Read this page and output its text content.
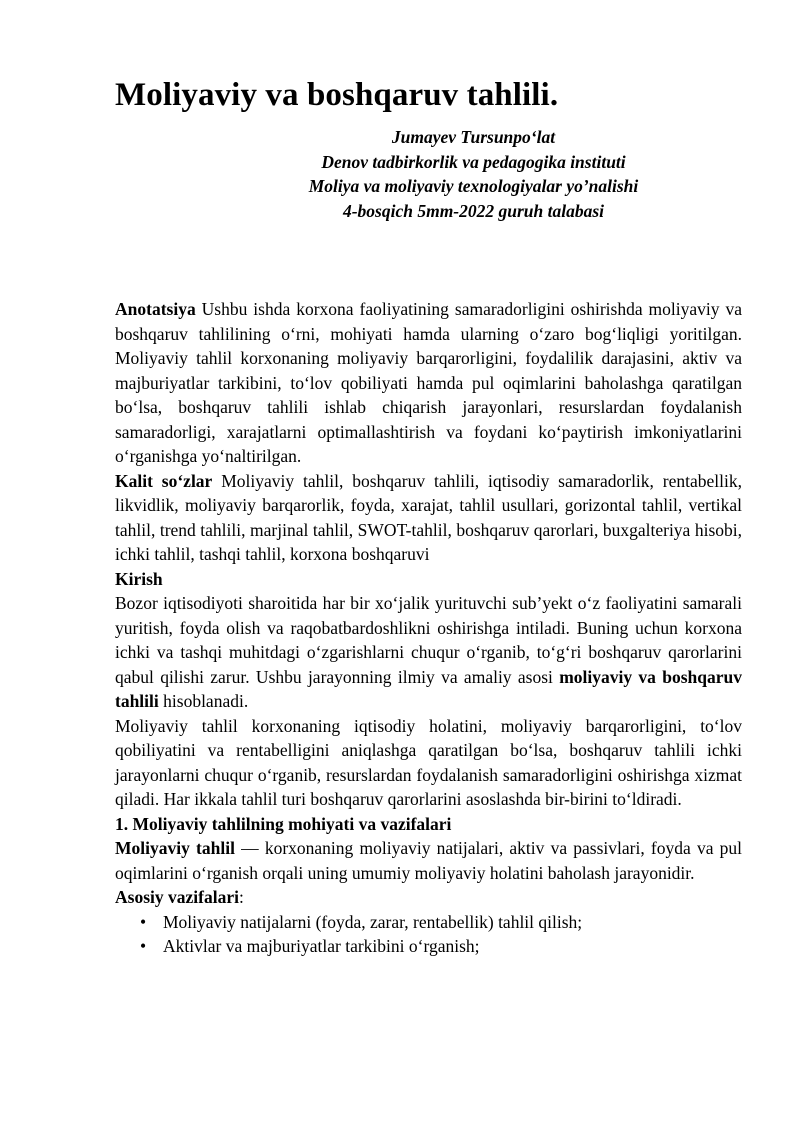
Moliyaviy va boshqaruv tahlili.
Jumayev Tursunpo‘lat
Denov tadbirkorlik va pedagogika instituti
Moliya va moliyaviy texnologiyalar yo’nalishi
4-bosqich 5mm-2022 guruh talabasi

Anotatsiya Ushbu ishda korxona faoliyatining samaradorligini oshirishda moliyaviy va boshqaruv tahlilining o‘rni, mohiyati hamda ularning o‘zaro bog‘liqligi yoritilgan. Moliyaviy tahlil korxonaning moliyaviy barqarorligini, foydalilik darajasini, aktiv va majburiyatlar tarkibini, to‘lov qobiliyati hamda pul oqimlarini baholashga qaratilgan bo‘lsa, boshqaruv tahlili ishlab chiqarish jarayonlari, resurslardan foydalanish samaradorligi, xarajatlarni optimallashtirish va foydani ko‘paytirish imkoniyatlarini o‘rganishga yo‘naltirilgan.

Kalit so‘zlar Moliyaviy tahlil, boshqaruv tahlili, iqtisodiy samaradorlik, rentabellik, likvidlik, moliyaviy barqarorlik, foyda, xarajat, tahlil usullari, gorizontal tahlil, vertikal tahlil, trend tahlili, marjinal tahlil, SWOT-tahlil, boshqaruv qarorlari, buxgalteriya hisobi, ichki tahlil, tashqi tahlil, korxona boshqaruvi

Kirish

Bozor iqtisodiyoti sharoitida har bir xo‘jalik yurituvchi sub’yekt o‘z faoliyatini samarali yuritish, foyda olish va raqobatbardoshlikni oshirishga intiladi. Buning uchun korxona ichki va tashqi muhitdagi o‘zgarishlarni chuqur o‘rganib, to‘g‘ri boshqaruv qarorlarini qabul qilishi zarur. Ushbu jarayonning ilmiy va amaliy asosi moliyaviy va boshqaruv tahlili hisoblanadi.

Moliyaviy tahlil korxonaning iqtisodiy holatini, moliyaviy barqarorligini, to‘lov qobiliyatini va rentabelligini aniqlashga qaratilgan bo‘lsa, boshqaruv tahlili ichki jarayonlarni chuqur o‘rganib, resurslardan foydalanish samaradorligini oshirishga xizmat qiladi. Har ikkala tahlil turi boshqaruv qarorlarini asoslashda bir-birini to‘ldiradi.

1. Moliyaviy tahlilning mohiyati va vazifalari

Moliyaviy tahlil — korxonaning moliyaviy natijalari, aktiv va passivlari, foyda va pul oqimlarini o‘rganish orqali uning umumiy moliyaviy holatini baholash jarayonidir.

Asosiy vazifalari:
• Moliyaviy natijalarni (foyda, zarar, rentabellik) tahlil qilish;
• Aktivlar va majburiyatlar tarkibini o‘rganish;
